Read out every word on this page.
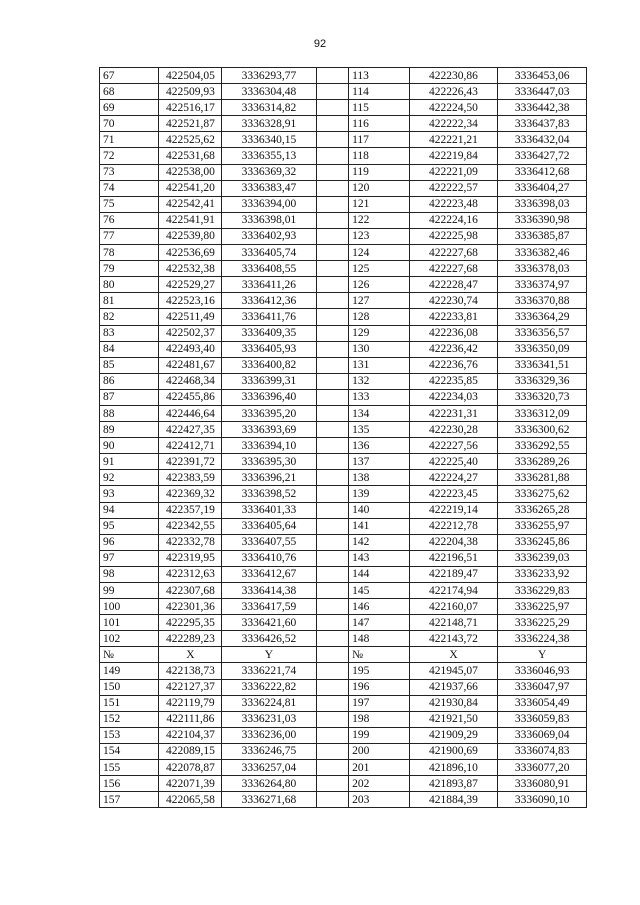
92
67	422504,05	3336293,77		113	422230,86	3336453,06
68	422509,93	3336304,48		114	422226,43	3336447,03
69	422516,17	3336314,82		115	422224,50	3336442,38
70	422521,87	3336328,91		116	422222,34	3336437,83
71	422525,62	3336340,15		117	422221,21	3336432,04
72	422531,68	3336355,13		118	422219,84	3336427,72
73	422538,00	3336369,32		119	422221,09	3336412,68
74	422541,20	3336383,47		120	422222,57	3336404,27
75	422542,41	3336394,00		121	422223,48	3336398,03
76	422541,91	3336398,01		122	422224,16	3336390,98
77	422539,80	3336402,93		123	422225,98	3336385,87
78	422536,69	3336405,74		124	422227,68	3336382,46
79	422532,38	3336408,55		125	422227,68	3336378,03
80	422529,27	3336411,26		126	422228,47	3336374,97
81	422523,16	3336412,36		127	422230,74	3336370,88
82	422511,49	3336411,76		128	422233,81	3336364,29
83	422502,37	3336409,35		129	422236,08	3336356,57
84	422493,40	3336405,93		130	422236,42	3336350,09
85	422481,67	3336400,82		131	422236,76	3336341,51
86	422468,34	3336399,31		132	422235,85	3336329,36
87	422455,86	3336396,40		133	422234,03	3336320,73
88	422446,64	3336395,20		134	422231,31	3336312,09
89	422427,35	3336393,69		135	422230,28	3336300,62
90	422412,71	3336394,10		136	422227,56	3336292,55
91	422391,72	3336395,30		137	422225,40	3336289,26
92	422383,59	3336396,21		138	422224,27	3336281,88
93	422369,32	3336398,52		139	422223,45	3336275,62
94	422357,19	3336401,33		140	422219,14	3336265,28
95	422342,55	3336405,64		141	422212,78	3336255,97
96	422332,78	3336407,55		142	422204,38	3336245,86
97	422319,95	3336410,76		143	422196,51	3336239,03
98	422312,63	3336412,67		144	422189,47	3336233,92
99	422307,68	3336414,38		145	422174,94	3336229,83
100	422301,36	3336417,59		146	422160,07	3336225,97
101	422295,35	3336421,60		147	422148,71	3336225,29
102	422289,23	3336426,52		148	422143,72	3336224,38
№	X	Y		№	X	Y
149	422138,73	3336221,74		195	421945,07	3336046,93
150	422127,37	3336222,82		196	421937,66	3336047,97
151	422119,79	3336224,81		197	421930,84	3336054,49
152	422111,86	3336231,03		198	421921,50	3336059,83
153	422104,37	3336236,00		199	421909,29	3336069,04
154	422089,15	3336246,75		200	421900,69	3336074,83
155	422078,87	3336257,04		201	421896,10	3336077,20
156	422071,39	3336264,80		202	421893,87	3336080,91
157	422065,58	3336271,68		203	421884,39	3336090,10
